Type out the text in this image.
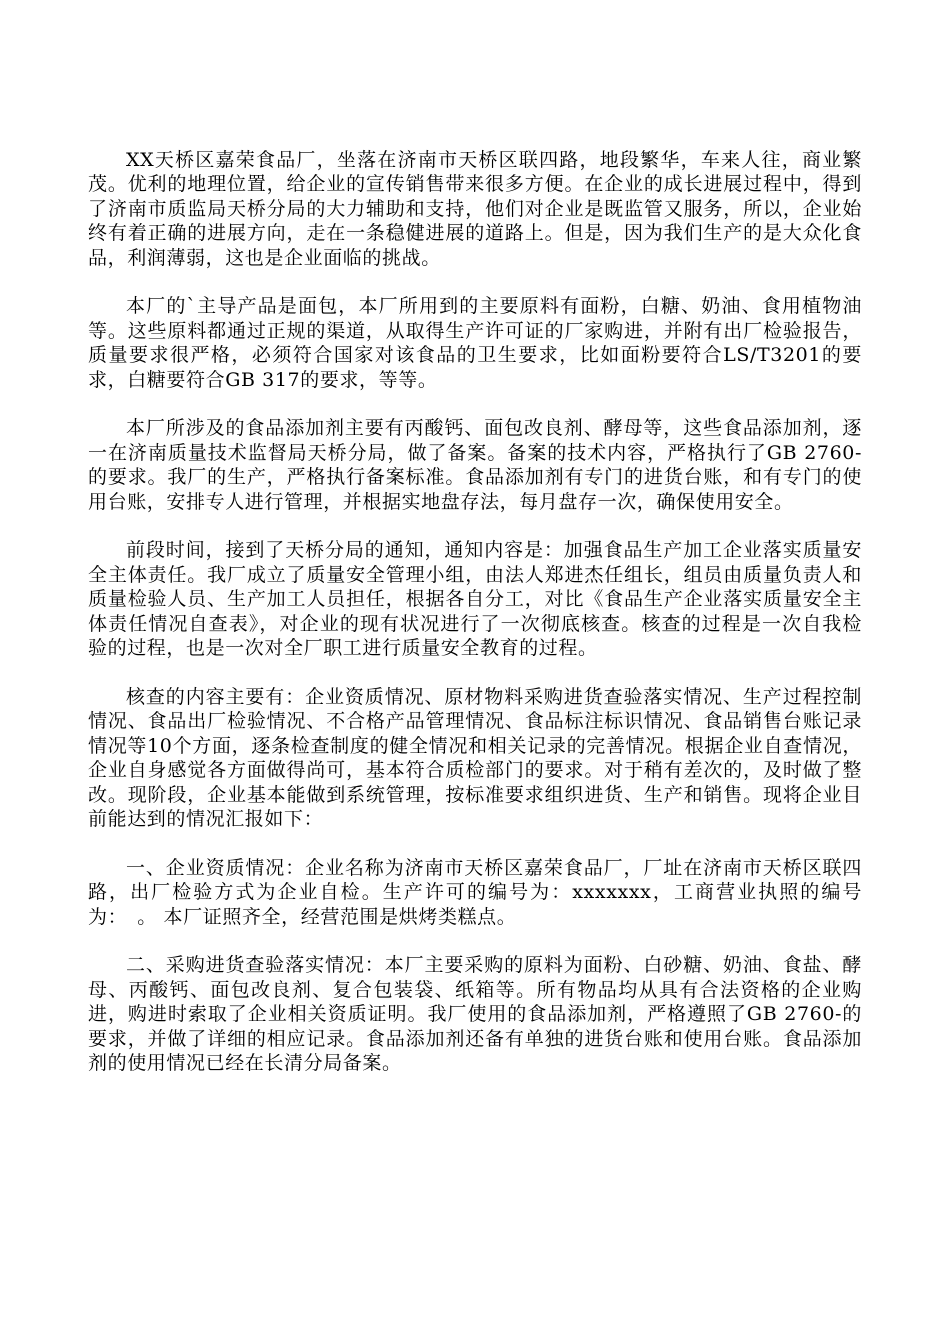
XX天桥区嘉荣食品厂，坐落在济南市天桥区联四路，地段繁华，车来人往，商业繁茂。优利的地理位置，给企业的宣传销售带来很多方便。在企业的成长进展过程中，得到了济南市质监局天桥分局的大力辅助和支持，他们对企业是既监管又服务，所以，企业始终有着正确的进展方向，走在一条稳健进展的道路上。但是，因为我们生产的是大众化食品，利润薄弱，这也是企业面临的挑战。

本厂的`主导产品是面包，本厂所用到的主要原料有面粉，白糖、奶油、食用植物油等。这些原料都通过正规的渠道，从取得生产许可证的厂家购进，并附有出厂检验报告，质量要求很严格，必须符合国家对该食品的卫生要求，比如面粉要符合LS/T3201的要求，白糖要符合GB 317的要求，等等。

本厂所涉及的食品添加剂主要有丙酸钙、面包改良剂、酵母等，这些食品添加剂，逐一在济南质量技术监督局天桥分局，做了备案。备案的技术内容，严格执行了GB 2760-的要求。我厂的生产，严格执行备案标准。食品添加剂有专门的进货台账，和有专门的使用台账，安排专人进行管理，并根据实地盘存法，每月盘存一次，确保使用安全。

前段时间，接到了天桥分局的通知，通知内容是：加强食品生产加工企业落实质量安全主体责任。我厂成立了质量安全管理小组，由法人郑进杰任组长，组员由质量负责人和质量检验人员、生产加工人员担任，根据各自分工，对比《食品生产企业落实质量安全主体责任情况自查表》，对企业的现有状况进行了一次彻底核查。核查的过程是一次自我检验的过程，也是一次对全厂职工进行质量安全教育的过程。

核查的内容主要有：企业资质情况、原材物料采购进货查验落实情况、生产过程控制情况、食品出厂检验情况、不合格产品管理情况、食品标注标识情况、食品销售台账记录情况等10个方面，逐条检查制度的健全情况和相关记录的完善情况。根据企业自查情况，企业自身感觉各方面做得尚可，基本符合质检部门的要求。对于稍有差次的，及时做了整改。现阶段，企业基本能做到系统管理，按标准要求组织进货、生产和销售。现将企业目前能达到的情况汇报如下：

一、企业资质情况：企业名称为济南市天桥区嘉荣食品厂，厂址在济南市天桥区联四路，出厂检验方式为企业自检。生产许可的编号为：xxxxxxx，工商营业执照的编号为：　。 本厂证照齐全，经营范围是烘烤类糕点。

二、采购进货查验落实情况：本厂主要采购的原料为面粉、白砂糖、奶油、食盐、酵母、丙酸钙、面包改良剂、复合包装袋、纸箱等。所有物品均从具有合法资格的企业购进，购进时索取了企业相关资质证明。我厂使用的食品添加剂，严格遵照了GB 2760-的要求，并做了详细的相应记录。食品添加剂还备有单独的进货台账和使用台账。食品添加剂的使用情况已经在长清分局备案。
